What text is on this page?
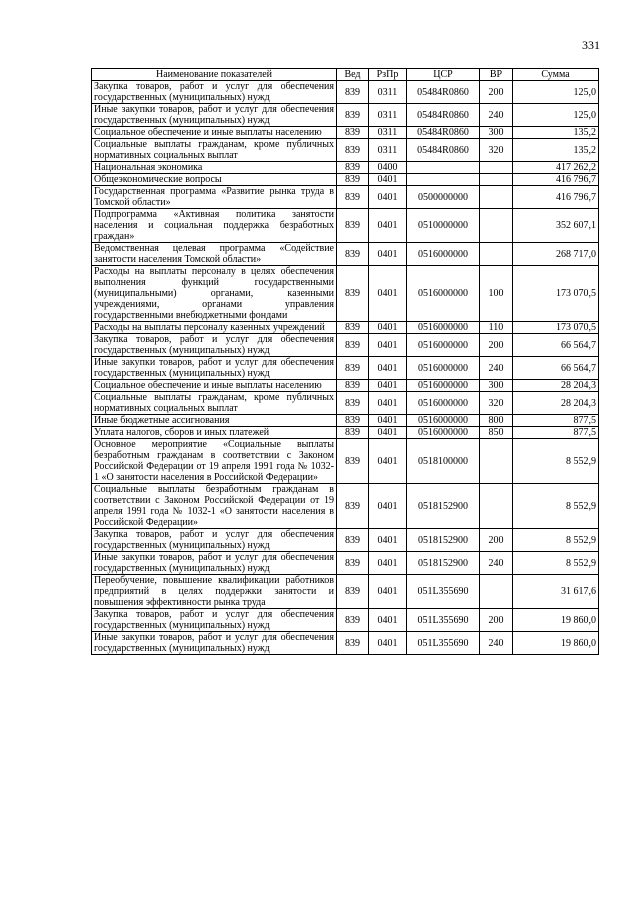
331
Наименование показателей	Вед	РзПр	ЦСР	ВР	Сумма
Закупка товаров, работ и услуг для обеспечения государственных (муниципальных) нужд	839	0311	05484R0860	200	125,0
Иные закупки товаров, работ и услуг для обеспечения государственных (муниципальных) нужд	839	0311	05484R0860	240	125,0
Социальное обеспечение и иные выплаты населению	839	0311	05484R0860	300	135,2
Социальные выплаты гражданам, кроме публичных нормативных социальных выплат	839	0311	05484R0860	320	135,2
Национальная экономика	839	0400			417 262,2
Общеэкономические вопросы	839	0401			416 796,7
Государственная программа «Развитие рынка труда в Томской области»	839	0401	0500000000		416 796,7
Подпрограмма «Активная политика занятости населения и социальная поддержка безработных граждан»	839	0401	0510000000		352 607,1
Ведомственная целевая программа «Содействие занятости населения Томской области»	839	0401	0516000000		268 717,0
Расходы на выплаты персоналу в целях обеспечения выполнения функций государственными (муниципальными) органами, казенными учреждениями, органами управления государственными внебюджетными фондами	839	0401	0516000000	100	173 070,5
Расходы на выплаты персоналу казенных учреждений	839	0401	0516000000	110	173 070,5
Закупка товаров, работ и услуг для обеспечения государственных (муниципальных) нужд	839	0401	0516000000	200	66 564,7
Иные закупки товаров, работ и услуг для обеспечения государственных (муниципальных) нужд	839	0401	0516000000	240	66 564,7
Социальное обеспечение и иные выплаты населению	839	0401	0516000000	300	28 204,3
Социальные выплаты гражданам, кроме публичных нормативных социальных выплат	839	0401	0516000000	320	28 204,3
Иные бюджетные ассигнования	839	0401	0516000000	800	877,5
Уплата налогов, сборов и иных платежей	839	0401	0516000000	850	877,5
Основное мероприятие «Социальные выплаты безработным гражданам в соответствии с Законом Российской Федерации от 19 апреля 1991 года № 1032-1 «О занятости населения в Российской Федерации»	839	0401	0518100000		8 552,9
Социальные выплаты безработным гражданам в соответствии с Законом Российской Федерации от 19 апреля 1991 года № 1032-1 «О занятости населения в Российской Федерации»	839	0401	0518152900		8 552,9
Закупка товаров, работ и услуг для обеспечения государственных (муниципальных) нужд	839	0401	0518152900	200	8 552,9
Иные закупки товаров, работ и услуг для обеспечения государственных (муниципальных) нужд	839	0401	0518152900	240	8 552,9
Переобучение, повышение квалификации работников предприятий в целях поддержки занятости и повышения эффективности рынка труда	839	0401	051L355690		31 617,6
Закупка товаров, работ и услуг для обеспечения государственных (муниципальных) нужд	839	0401	051L355690	200	19 860,0
Иные закупки товаров, работ и услуг для обеспечения государственных (муниципальных) нужд	839	0401	051L355690	240	19 860,0
